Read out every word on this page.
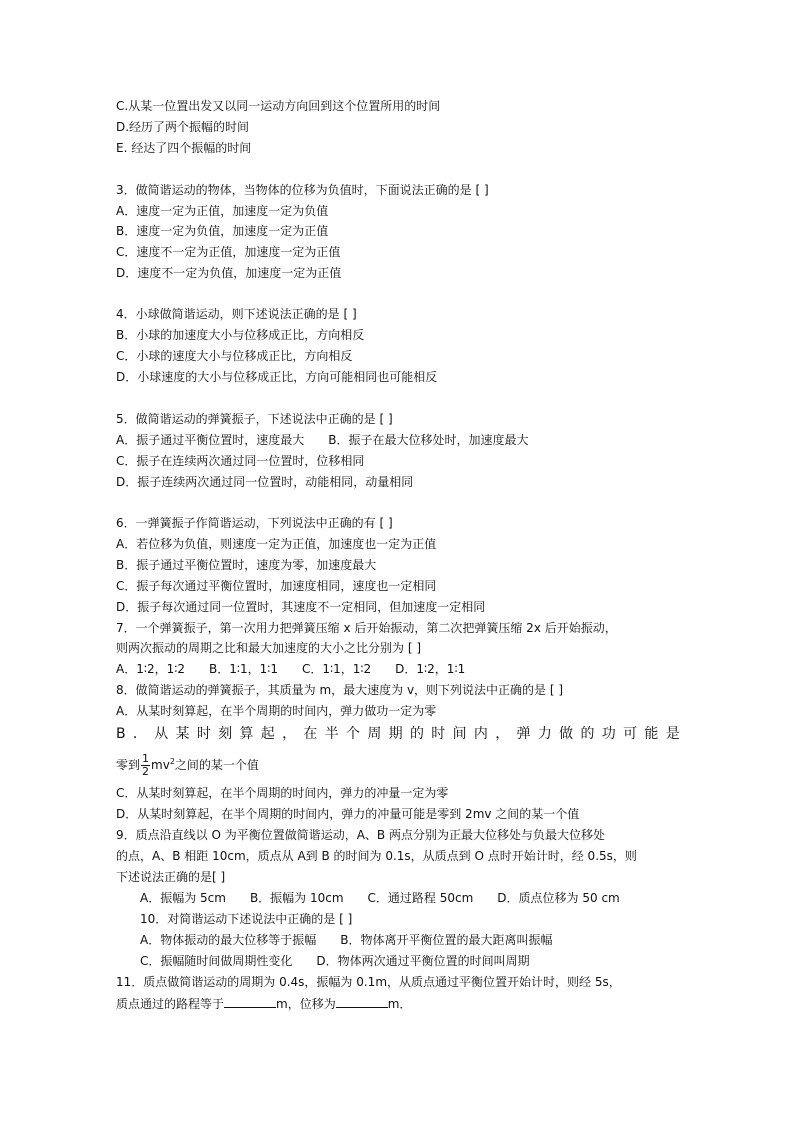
C.从某一位置出发又以同一运动方向回到这个位置所用的时间
D.经历了两个振幅的时间
E. 经达了四个振幅的时间
3．做简谐运动的物体，当物体的位移为负值时，下面说法正确的是 [ ]
A．速度一定为正值，加速度一定为负值
B．速度一定为负值，加速度一定为正值
C．速度不一定为正值，加速度一定为正值
D．速度不一定为负值，加速度一定为正值
4．小球做简谐运动，则下述说法正确的是 [ ]
B．小球的加速度大小与位移成正比，方向相反
C．小球的速度大小与位移成正比，方向相反
D．小球速度的大小与位移成正比，方向可能相同也可能相反
5．做简谐运动的弹簧振子，下述说法中正确的是 [ ]
A．振子通过平衡位置时，速度最大　　B．振子在最大位移处时，加速度最大
C．振子在连续两次通过同一位置时，位移相同
D．振子连续两次通过同一位置时，动能相同，动量相同
6．一弹簧振子作简谐运动，下列说法中正确的有 [ ]
A．若位移为负值，则速度一定为正值，加速度也一定为正值
B．振子通过平衡位置时，速度为零，加速度最大
C．振子每次通过平衡位置时，加速度相同，速度也一定相同
D．振子每次通过同一位置时，其速度不一定相同，但加速度一定相同
7．一个弹簧振子，第一次用力把弹簧压缩 x 后开始振动，第二次把弹簧压缩 2x 后开始振动，
则两次振动的周期之比和最大加速度的大小之比分别为 [ ]
A．1∶2，1∶2　　B．1∶1，1∶1　　C．1∶1，1∶2　　D．1∶2，1∶1
8．做简谐运动的弹簧振子，其质量为 m，最大速度为 v，则下列说法中正确的是 [ ]
A．从某时刻算起，在半个周期的时间内，弹力做功一定为零
B ． 从 某 时 刻 算 起 ， 在 半 个 周 期 的 时 间 内 ， 弹 力 做 的 功 可 能 是
零到 $\frac{1}{2} mv^2$之间的某一个值
C．从某时刻算起，在半个周期的时间内，弹力的冲量一定为零
D．从某时刻算起，在半个周期的时间内，弹力的冲量可能是零到 2mv 之间的某一个值
9．质点沿直线以 O 为平衡位置做简谐运动，A、B 两点分别为正最大位移处与负最大位移处
的点，A、B 相距 10cm，质点从 A到 B 的时间为 0.1s，从质点到 O 点时开始计时，经 0.5s，则
下述说法正确的是[ ]
A．振幅为 5cm　　B．振幅为 10cm　　C．通过路程 50cm　　D．质点位移为 50 cm
10．对简谐运动下述说法中正确的是 [ ]
A．物体振动的最大位移等于振幅　　B．物体离开平衡位置的最大距离叫振幅
C．振幅随时间做周期性变化　　D．物体两次通过平衡位置的时间叫周期
11．质点做简谐运动的周期为 0.4s，振幅为 0.1m，从质点通过平衡位置开始计时，则经 5s，
质点通过的路程等于	m，位移为	m．
